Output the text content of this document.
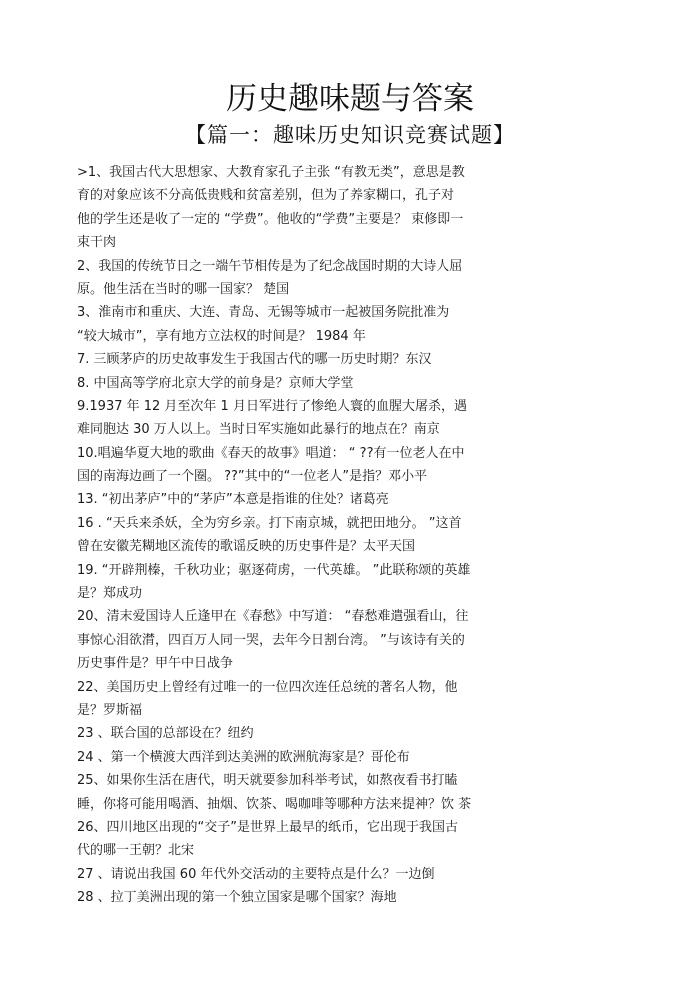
历史趣味题与答案
【篇一：趣味历史知识竞赛试题】
>1、我国古代大思想家、大教育家孔子主张 “有教无类”，意思是教
育的对象应该不分高低贵贱和贫富差别，但为了养家糊口，孔子对
他的学生还是收了一定的 “学费”。他收的“学费”主要是？ 束修即一
束干肉
2、我国的传统节日之一端午节相传是为了纪念战国时期的大诗人屈
原。他生活在当时的哪一国家？ 楚国
3、淮南市和重庆、大连、青岛、无锡等城市一起被国务院批准为
“较大城市”，享有地方立法权的时间是？ 1984 年
7. 三顾茅庐的历史故事发生于我国古代的哪一历史时期？东汉
8. 中国高等学府北京大学的前身是？京师大学堂
9.1937 年 12 月至次年 1 月日军进行了惨绝人寰的血腥大屠杀，遇
难同胞达 30 万人以上。当时日军实施如此暴行的地点在？南京
10.唱遍华夏大地的歌曲《春天的故事》唱道： “ ??有一位老人在中
国的南海边画了一个圈。 ??”其中的“一位老人”是指？邓小平
13. “初出茅庐”中的“茅庐”本意是指谁的住处？诸葛亮
16 . “天兵来杀妖，全为穷乡亲。打下南京城，就把田地分。 ”这首
曾在安徽芜糊地区流传的歌谣反映的历史事件是？太平天国
19. “开辟荆榛，千秋功业；驱逐荷虏，一代英雄。 ”此联称颂的英雄
是？郑成功
20、清末爱国诗人丘逢甲在《春愁》中写道： “春愁难遣强看山，往
事惊心泪欲潸，四百万人同一哭，去年今日割台湾。 ”与该诗有关的
历史事件是？甲午中日战争
22、美国历史上曾经有过唯一的一位四次连任总统的著名人物，他
是？罗斯福
23 、联合国的总部设在？纽约
24 、第一个横渡大西洋到达美洲的欧洲航海家是？哥伦布
25、如果你生活在唐代，明天就要参加科举考试，如熬夜看书打瞌
睡，你将可能用喝酒、抽烟、饮茶、喝咖啡等哪种方法来提神？饮 茶
26、四川地区出现的“交子”是世界上最早的纸币，它出现于我国古
代的哪一王朝？北宋
27 、请说出我国 60 年代外交活动的主要特点是什么？一边倒
28 、拉丁美洲出现的第一个独立国家是哪个国家？海地
